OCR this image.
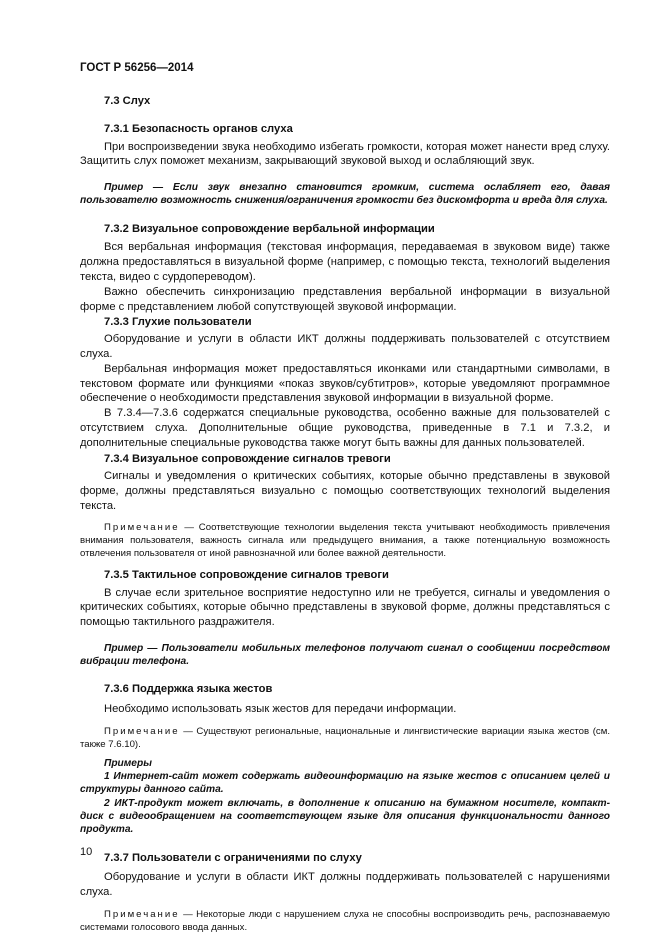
ГОСТ Р 56256—2014
7.3 Слух
7.3.1 Безопасность органов слуха
При воспроизведении звука необходимо избегать громкости, которая может нанести вред слуху. Защитить слух поможет механизм, закрывающий звуковой выход и ослабляющий звук.
Пример — Если звук внезапно становится громким, система ослабляет его, давая пользователю возможность снижения/ограничения громкости без дискомфорта и вреда для слуха.
7.3.2 Визуальное сопровождение вербальной информации
Вся вербальная информация (текстовая информация, передаваемая в звуковом виде) также должна предоставляться в визуальной форме (например, с помощью текста, технологий выделения текста, видео с сурдопереводом).
Важно обеспечить синхронизацию представления вербальной информации в визуальной форме с представлением любой сопутствующей звуковой информации.
7.3.3 Глухие пользователи
Оборудование и услуги в области ИКТ должны поддерживать пользователей с отсутствием слуха.
Вербальная информация может предоставляться иконками или стандартными символами, в текстовом формате или функциями «показ звуков/субтитров», которые уведомляют программное обеспечение о необходимости представления звуковой информации в визуальной форме.
В 7.3.4—7.3.6 содержатся специальные руководства, особенно важные для пользователей с отсутствием слуха. Дополнительные общие руководства, приведенные в 7.1 и 7.3.2, и дополнительные специальные руководства также могут быть важны для данных пользователей.
7.3.4 Визуальное сопровождение сигналов тревоги
Сигналы и уведомления о критических событиях, которые обычно представлены в звуковой форме, должны представляться визуально с помощью соответствующих технологий выделения текста.
Примечание — Соответствующие технологии выделения текста учитывают необходимость привлечения внимания пользователя, важность сигнала или предыдущего внимания, а также потенциальную возможность отвлечения пользователя от иной равнозначной или более важной деятельности.
7.3.5 Тактильное сопровождение сигналов тревоги
В случае если зрительное восприятие недоступно или не требуется, сигналы и уведомления о критических событиях, которые обычно представлены в звуковой форме, должны представляться с помощью тактильного раздражителя.
Пример — Пользователи мобильных телефонов получают сигнал о сообщении посредством вибрации телефона.
7.3.6 Поддержка языка жестов
Необходимо использовать язык жестов для передачи информации.
Примечание — Существуют региональные, национальные и лингвистические вариации языка жестов (см. также 7.6.10).
Примеры
1 Интернет-сайт может содержать видеоинформацию на языке жестов с описанием целей и структуры данного сайта.
2 ИКТ-продукт может включать, в дополнение к описанию на бумажном носителе, компакт-диск с видеообращением на соответствующем языке для описания функциональности данного продукта.
7.3.7 Пользователи с ограничениями по слуху
Оборудование и услуги в области ИКТ должны поддерживать пользователей с нарушениями слуха.
Примечание — Некоторые люди с нарушением слуха не способны воспроизводить речь, распознаваемую системами голосового ввода данных.
10
